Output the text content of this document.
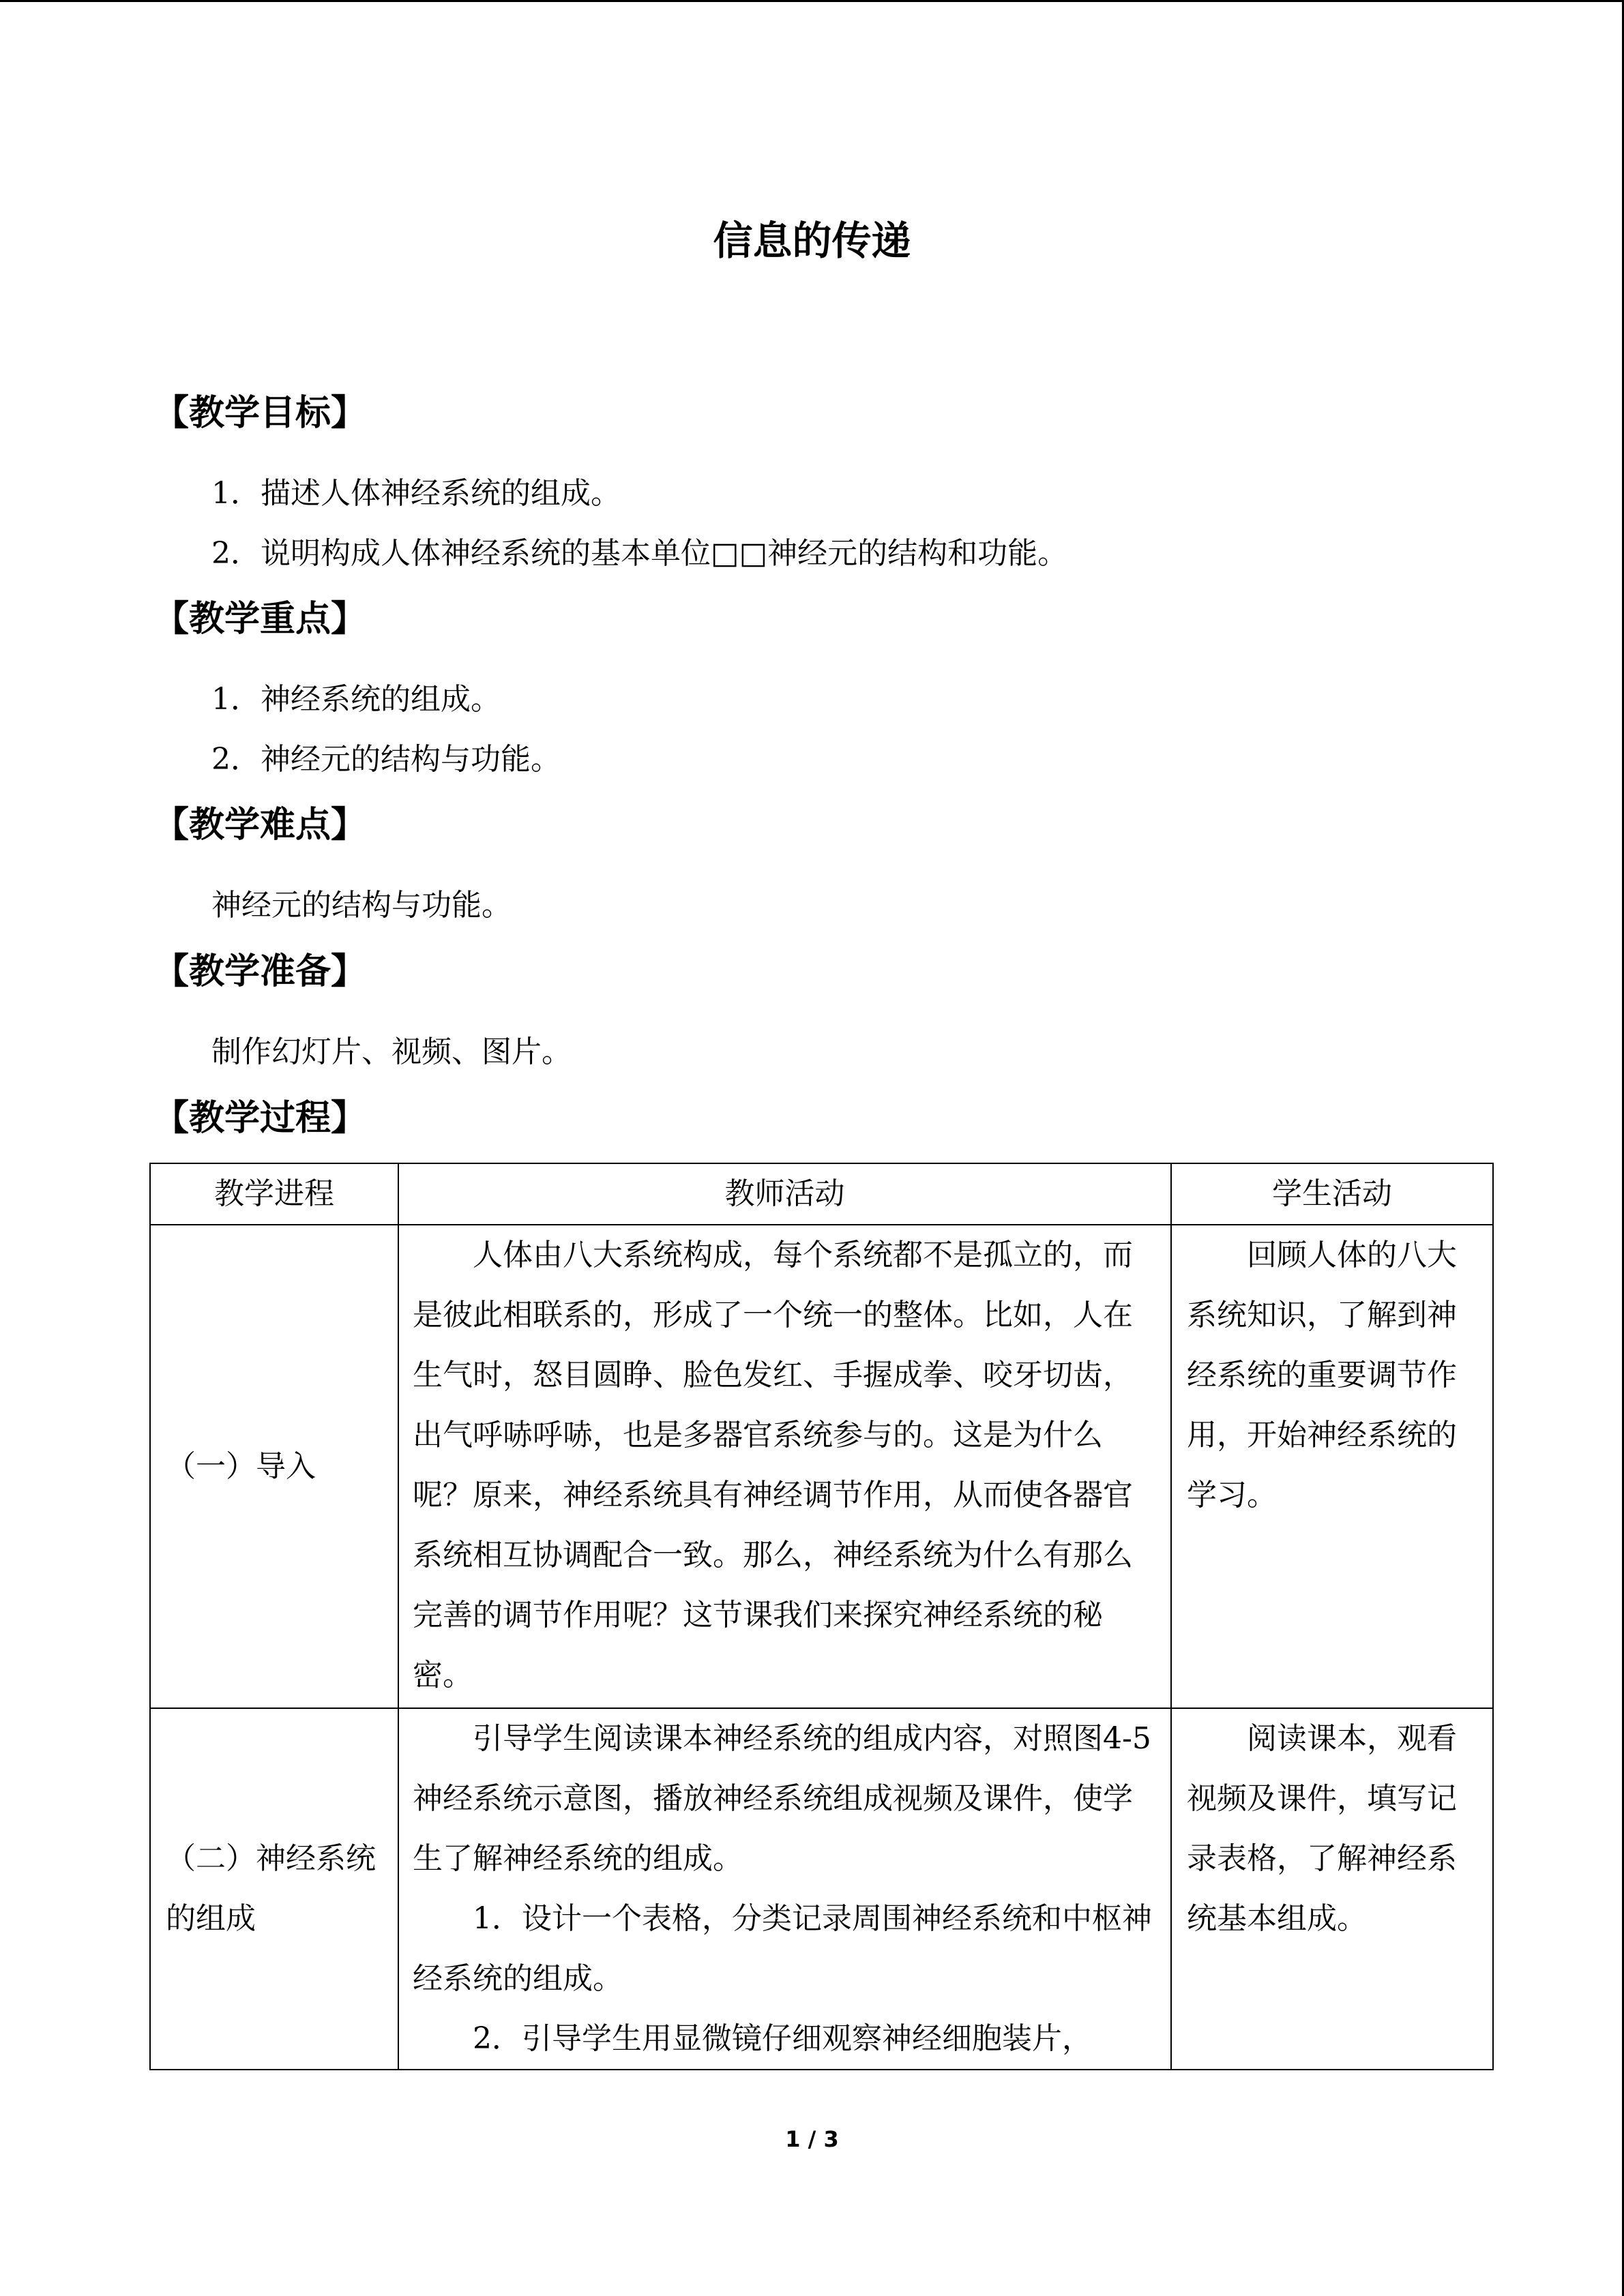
信息的传递
【教学目标】
1．描述人体神经系统的组成。
2．说明构成人体神经系统的基本单位□□神经元的结构和功能。
【教学重点】
1．神经系统的组成。
2．神经元的结构与功能。
【教学难点】
神经元的结构与功能。
【教学准备】
制作幻灯片、视频、图片。
【教学过程】
教学进程	教师活动	学生活动
（一）导入	人体由八大系统构成，每个系统都不是孤立的，而是彼此相联系的，形成了一个统一的整体。比如，人在生气时，怒目圆睁、脸色发红、手握成拳、咬牙切齿，出气呼哧呼哧，也是多器官系统参与的。这是为什么呢？原来，神经系统具有神经调节作用，从而使各器官系统相互协调配合一致。那么，神经系统为什么有那么完善的调节作用呢？这节课我们来探究神经系统的秘密。	回顾人体的八大系统知识，了解到神经系统的重要调节作用，开始神经系统的学习。

（二）神经系统的组成	引导学生阅读课本神经系统的组成内容，对照图4-5神经系统示意图，播放神经系统组成视频及课件，使学生了解神经系统的组成。
1．设计一个表格，分类记录周围神经系统和中枢神经系统的组成。
2．引导学生用显微镜仔细观察神经细胞装片，	阅读课本，观看视频及课件，填写记录表格，了解神经系统基本组成。
1 / 3
